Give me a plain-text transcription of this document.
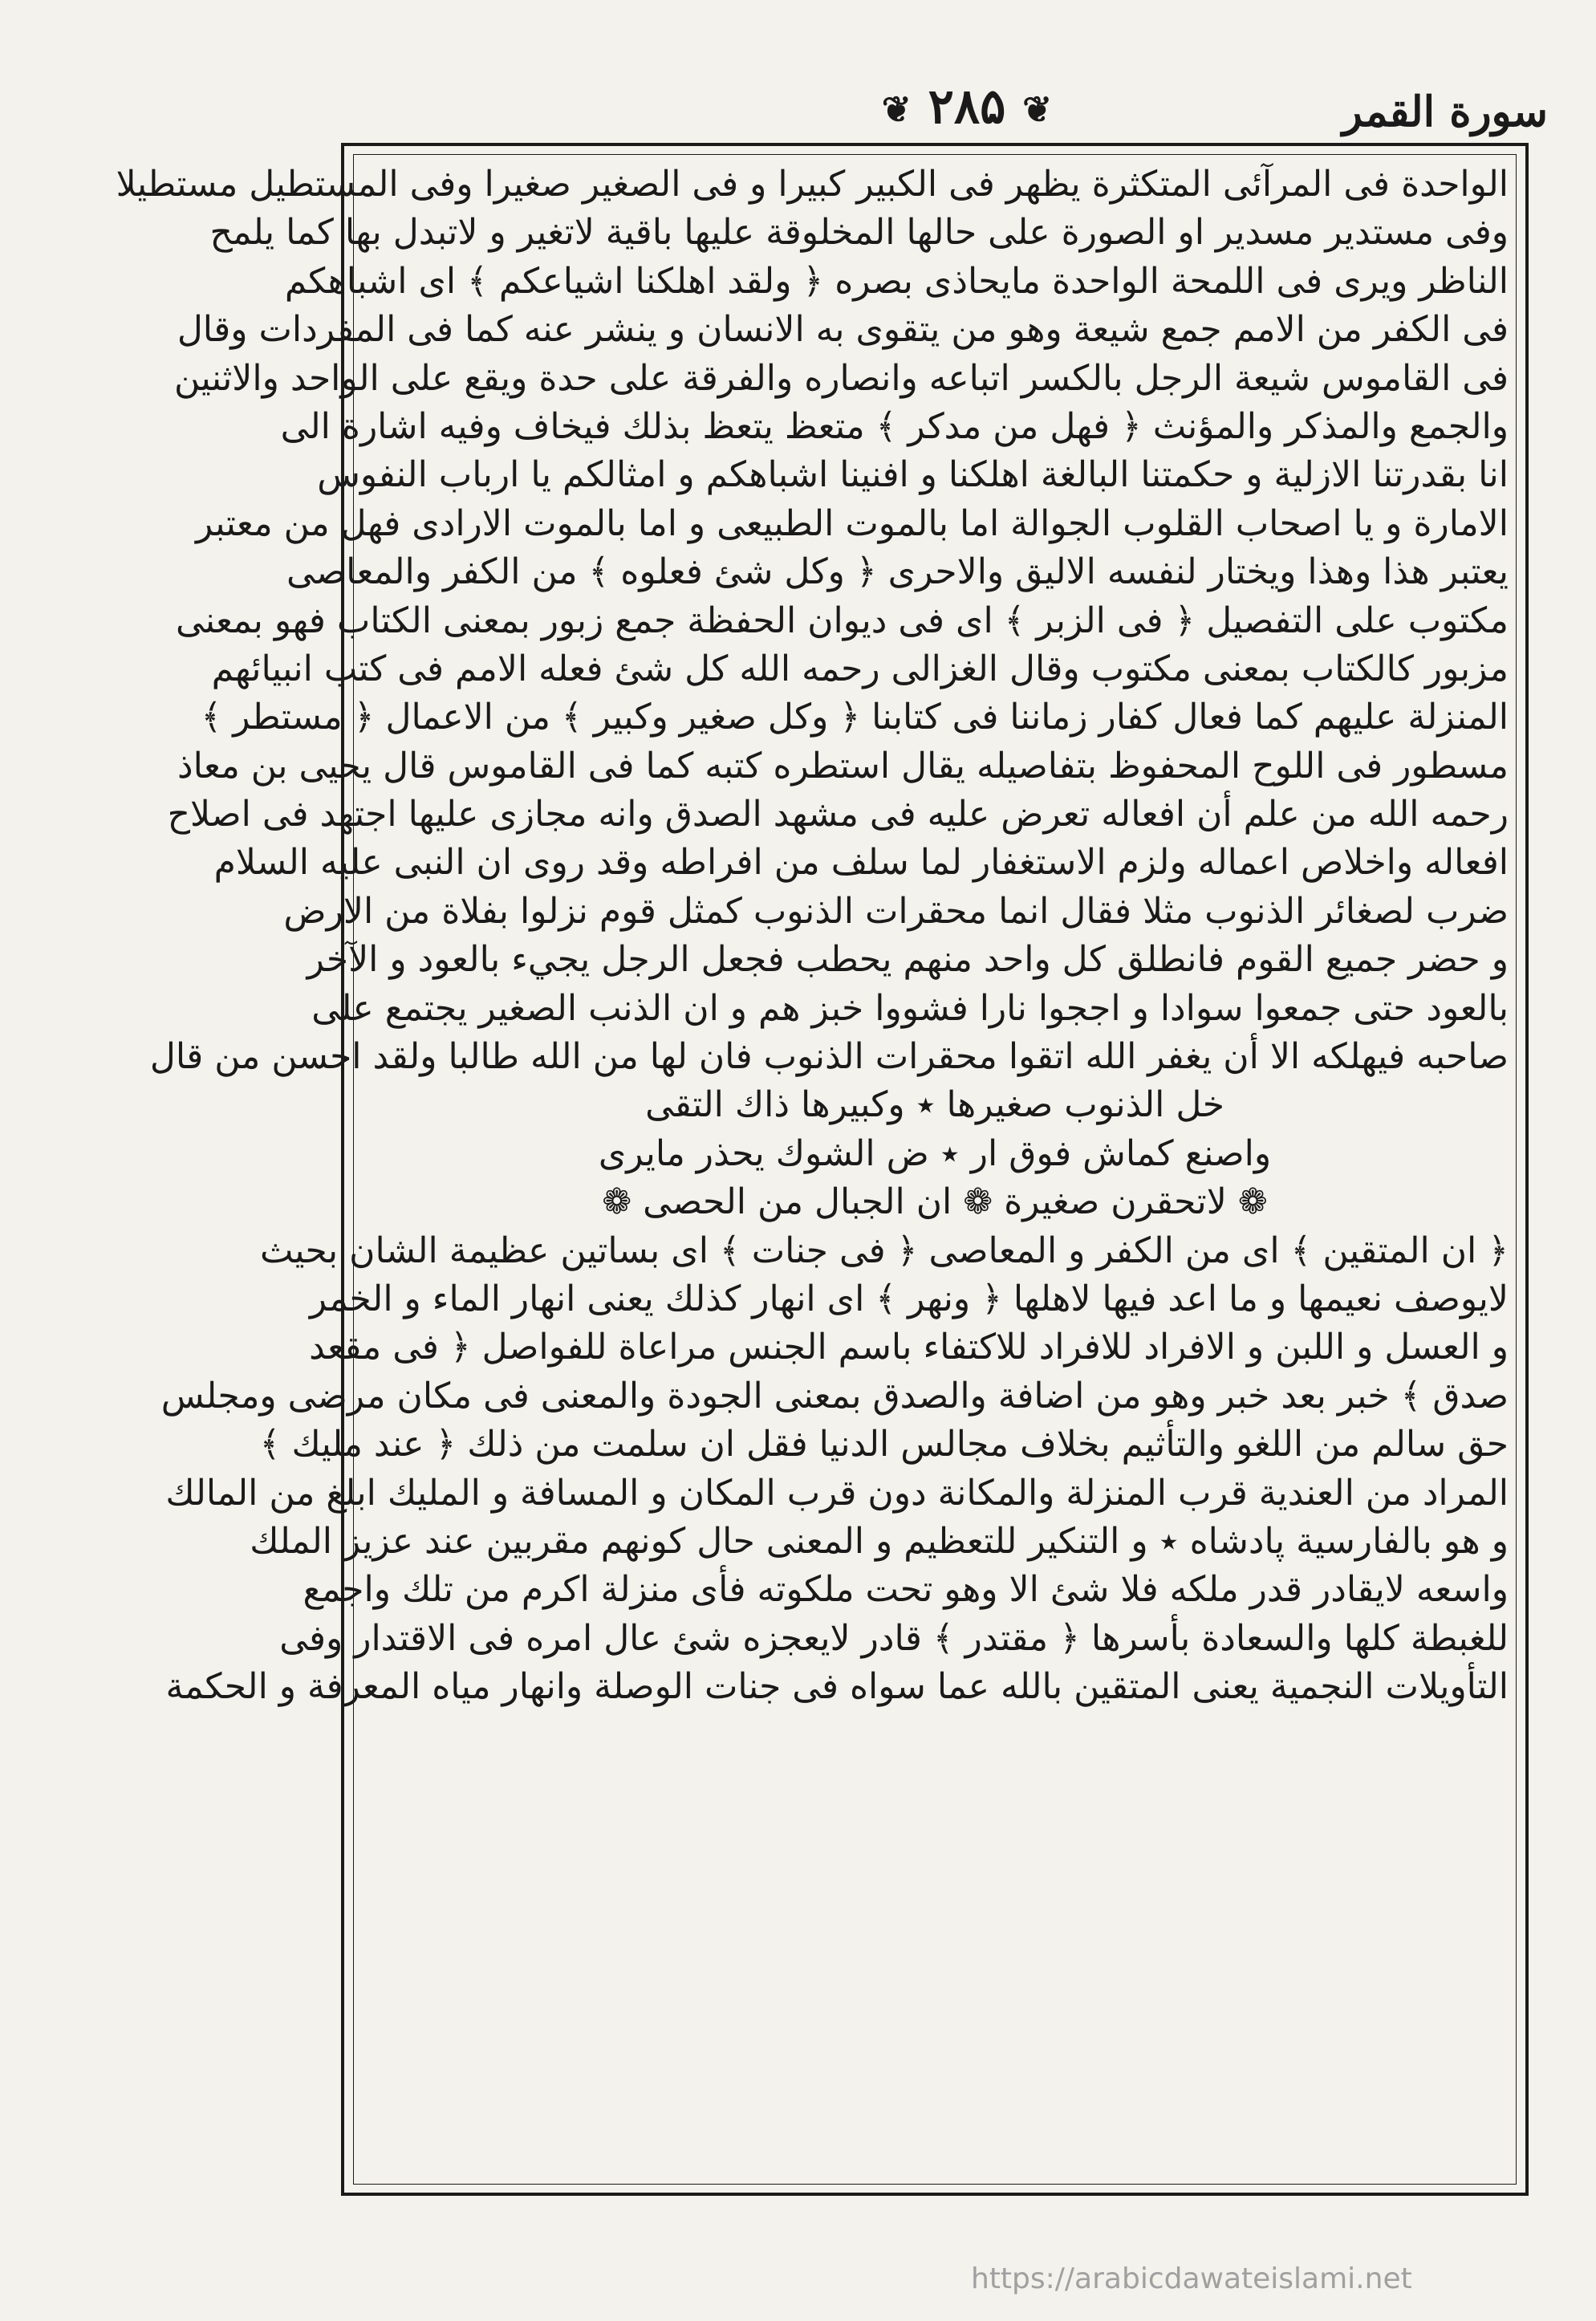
❦ ۲۸۵ ❦	سورة القمر
الواحدة فى المرآئى المتكثرة يظهر فى الكبير كبيرا و فى الصغير صغيرا وفى المستطيل مستطيلا
وفى مستدير مسدير او الصورة على حالها المخلوقة عليها باقية لاتغير و لاتبدل بها كما يلمح
الناظر ويرى فى اللمحة الواحدة مايحاذى بصره ﴿ ولقد اهلكنا اشياعكم ﴾ اى اشباهكم
فى الكفر من الامم جمع شيعة وهو من يتقوى به الانسان و ينشر عنه كما فى المفردات وقال
فى القاموس شيعة الرجل بالكسر اتباعه وانصاره والفرقة على حدة ويقع على الواحد والاثنين
والجمع والمذكر والمؤنث ﴿ فهل من مدكر ﴾ متعظ يتعظ بذلك فيخاف وفيه اشارة الى
انا بقدرتنا الازلية و حكمتنا البالغة اهلكنا و افنينا اشباهكم و امثالكم يا ارباب النفوس
الامارة و يا اصحاب القلوب الجوالة اما بالموت الطبيعى و اما بالموت الارادى فهل من معتبر
يعتبر هذا وهذا ويختار لنفسه الاليق والاحرى ﴿ وكل شئ فعلوه ﴾ من الكفر والمعاصى
مكتوب على التفصيل ﴿ فى الزبر ﴾ اى فى ديوان الحفظة جمع زبور بمعنى الكتاب فهو بمعنى
مزبور كالكتاب بمعنى مكتوب وقال الغزالى رحمه الله كل شئ فعله الامم فى كتب انبيائهم
المنزلة عليهم كما فعال كفار زماننا فى كتابنا ﴿ وكل صغير وكبير ﴾ من الاعمال ﴿ مستطر ﴾
مسطور فى اللوح المحفوظ بتفاصيله يقال استطره كتبه كما فى القاموس قال يحيى بن معاذ
رحمه الله من علم أن افعاله تعرض عليه فى مشهد الصدق وانه مجازى عليها اجتهد فى اصلاح
افعاله واخلاص اعماله ولزم الاستغفار لما سلف من افراطه وقد روى ان النبى عليه السلام
ضرب لصغائر الذنوب مثلا فقال انما محقرات الذنوب كمثل قوم نزلوا بفلاة من الارض
و حضر جميع القوم فانطلق كل واحد منهم يحطب فجعل الرجل يجيء بالعود و الآخر
بالعود حتى جمعوا سوادا و اججوا نارا فشووا خبز هم و ان الذنب الصغير يجتمع على
صاحبه فيهلكه الا أن يغفر الله اتقوا محقرات الذنوب فان لها من الله طالبا ولقد احسن من قال
خل الذنوب صغيرها ٭ وكبيرها ذاك التقى
واصنع كماش فوق ار ٭ ض الشوك يحذر مايرى
❁ لاتحقرن صغيرة ❁ ان الجبال من الحصى ❁
﴿ ان المتقين ﴾ اى من الكفر و المعاصى ﴿ فى جنات ﴾ اى بساتين عظيمة الشان بحيث
لايوصف نعيمها و ما اعد فيها لاهلها ﴿ ونهر ﴾ اى انهار كذلك يعنى انهار الماء و الخمر
و العسل و اللبن و الافراد للافراد للاكتفاء باسم الجنس مراعاة للفواصل ﴿ فى مقعد
صدق ﴾ خبر بعد خبر وهو من اضافة والصدق بمعنى الجودة والمعنى فى مكان مرضى ومجلس
حق سالم من اللغو والتأثيم بخلاف مجالس الدنيا فقل ان سلمت من ذلك ﴿ عند مليك ﴾
المراد من العندية قرب المنزلة والمكانة دون قرب المكان و المسافة و المليك ابلغ من المالك
و هو بالفارسية پادشاه ٭ و التنكير للتعظيم و المعنى حال كونهم مقربين عند عزيز الملك
واسعه لايقادر قدر ملكه فلا شئ الا وهو تحت ملكوته فأى منزلة اكرم من تلك واجمع
للغبطة كلها والسعادة بأسرها ﴿ مقتدر ﴾ قادر لايعجزه شئ عال امره فى الاقتدار وفى
التأويلات النجمية يعنى المتقين بالله عما سواه فى جنات الوصلة وانهار مياه المعرفة و الحكمة
https://arabicdawateislami.net
